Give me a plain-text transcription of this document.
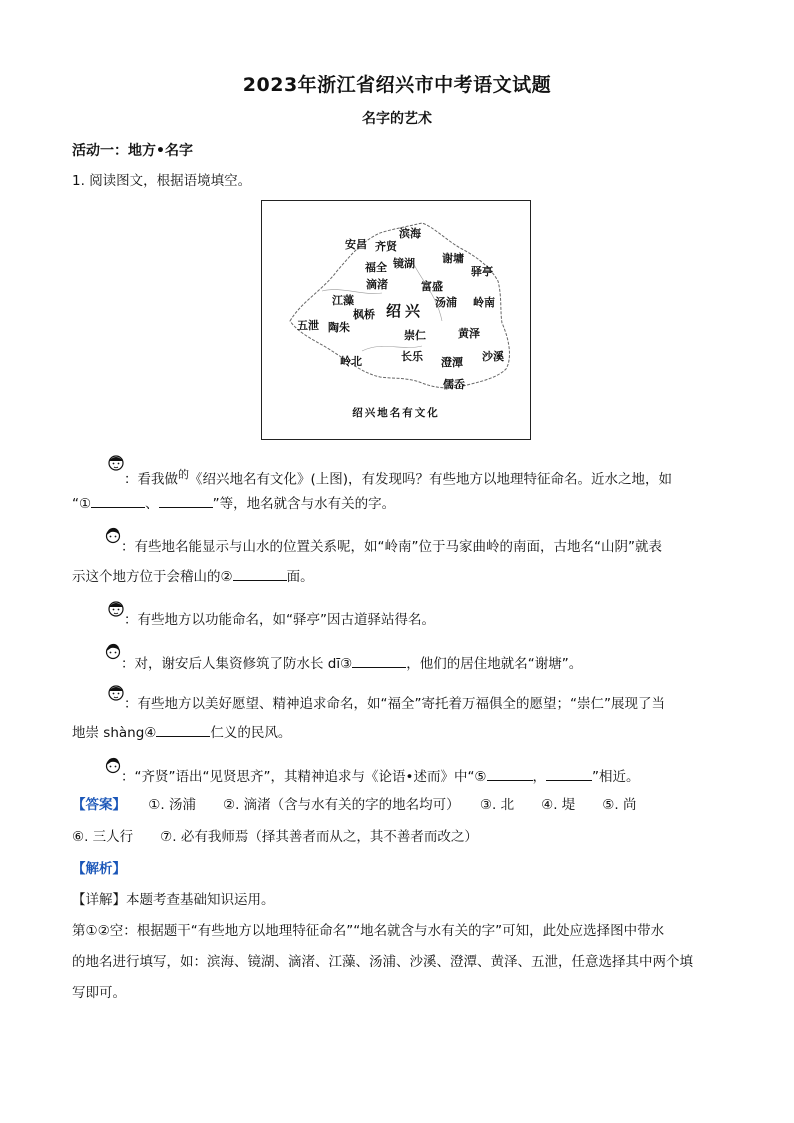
2023年浙江省绍兴市中考语文试题
名字的艺术
活动一：地方•名字
1. 阅读图文，根据语境填空。
滨海
安昌 齐贤
谢墉
福全 镜湖
驿亭
滴渚	富盛
江藻
绍兴 汤浦 岭南
枫桥
五泄 陶朱
崇仁	黄泽
长乐	沙溪
岭北	澄潭
儒岙
绍兴地名有文化
：看我做$^的$《绍兴地名有文化》(上图)，有发现吗？有些地方以地理特征命名。近水之地，如
“①	、	”等，地名就含与水有关的字。
：有些地名能显示与山水的位置关系呢，如“岭南”位于马家曲岭的南面，古地名“山阴”就表
示这个地方位于会稽山的②	面。
：有些地方以功能命名，如“驿亭”因古道驿站得名。
：对，谢安后人集资修筑了防水长 dī③	，他们的居住地就名“谢塘”。
：有些地方以美好愿望、精神追求命名，如“福全”寄托着万福俱全的愿望；“崇仁”展现了当
地崇 shàng④	仁义的民风。
：“齐贤”语出“见贤思齐”，其精神追求与《论语•述而》中“⑤	，	”相近。
【答案】 ①. 汤浦　　②. 滴渚（含与水有关的字的地名均可）　　③. 北　　④. 堤　　⑤. 尚
⑥. 三人行　　⑦. 必有我师焉（择其善者而从之，其不善者而改之）
【解析】
【详解】本题考查基础知识运用。
第①②空：根据题干“有些地方以地理特征命名”“地名就含与水有关的字”可知，此处应选择图中带水
的地名进行填写，如：滨海、镜湖、滴渚、江藻、汤浦、沙溪、澄潭、黄泽、五泄，任意选择其中两个填
写即可。
